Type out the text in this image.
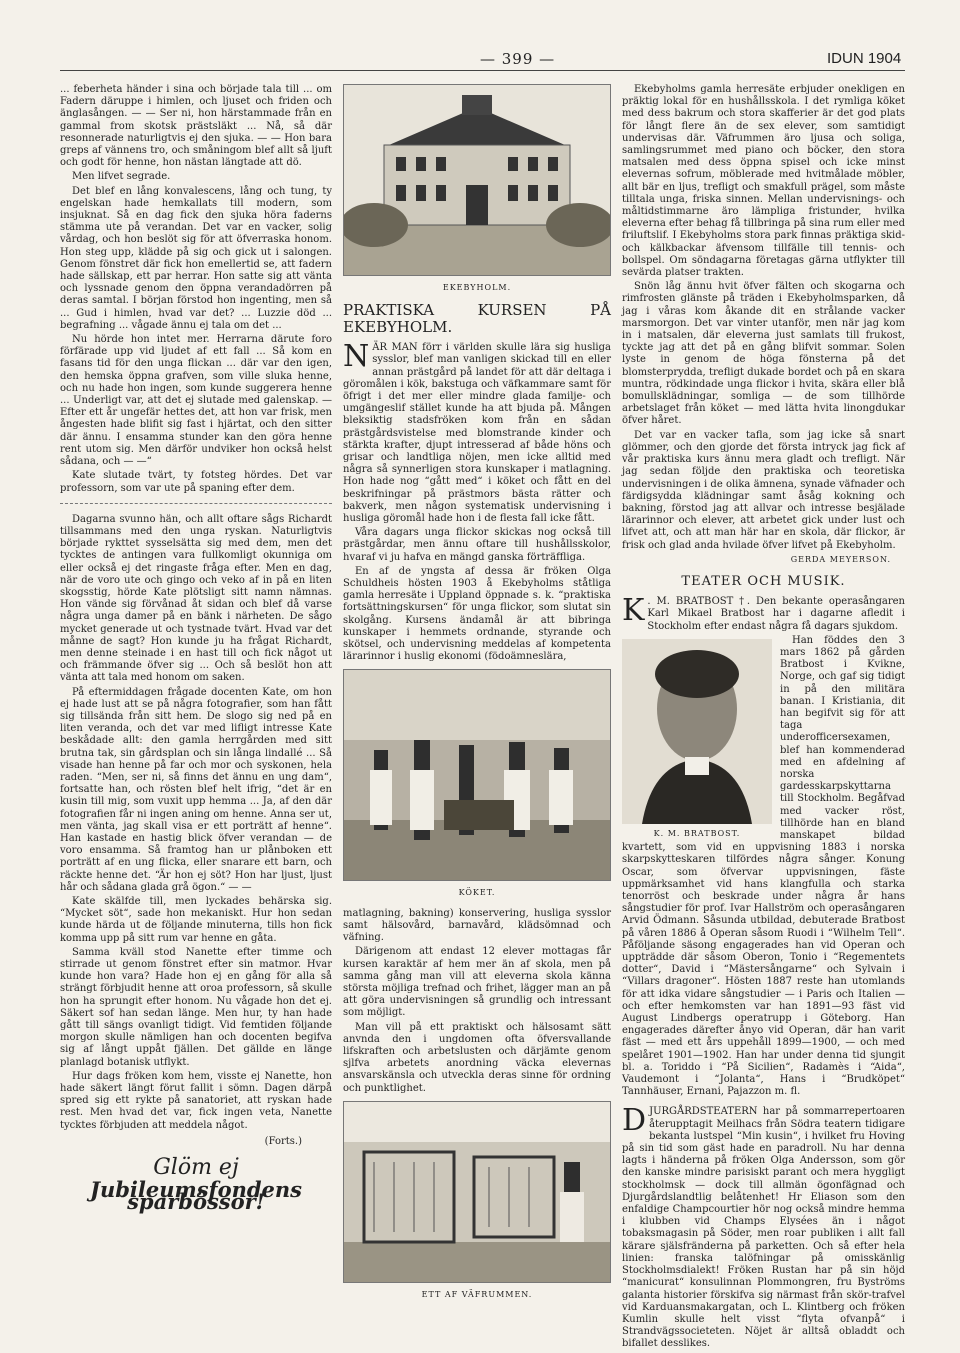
— 399 —	IDUN 1904

... feberheta händer i sina och började tala till ... om Fadern däruppe i himlen, och ljuset och friden och änglasången. — — Ser ni, hon härstammade från en gammal from skotsk prästsläkt ... Nå, så där resonnerade naturligtvis ej den sjuka. — — Hon bara greps af vännens tro, och småningom blef allt så ljuft och godt för henne, hon nästan längtade att dö.

Men lifvet segrade.

Det blef en lång konvalescens, lång och tung, ty engelskan hade hemkallats till modern, som insjuknat. Så en dag fick den sjuka höra faderns stämma ute på verandan. Det var en vacker, solig vårdag, och hon beslöt sig för att öfverraska honom. Hon steg upp, klädde på sig och gick ut i salongen. Genom fönstret där fick hon emellertid se, att fadern hade sällskap, ett par herrar. Hon satte sig att vänta och lyssnade genom den öppna verandadörren på deras samtal. I början förstod hon ingenting, men så ... Gud i himlen, hvad var det? ... Luzzie död ... begrafning ... vågade ännu ej tala om det ...

Nu hörde hon intet mer. Herrarna därute foro förfärade upp vid ljudet af ett fall ... Så kom en fasans tid för den unga flickan ... där var den igen, den hemska öppna grafven, som ville sluka henne, och nu hade hon ingen, som kunde suggerera henne ... Underligt var, att det ej slutade med galenskap. — Efter ett år ungefär hettes det, att hon var frisk, men ångesten hade blifit sig fast i hjärtat, och den sitter där ännu. I ensamma stunder kan den göra henne rent utom sig. Men därför undviker hon också helst sådana, och — —“

Kate slutade tvärt, ty fotsteg hördes. Det var professorn, som var ute på spaning efter dem.

Dagarna svunno hän, och allt oftare sågs Richardt tillsammans med den unga ryskan. Naturligtvis började rykttet sysselsätta sig med dem, men det tycktes de antingen vara fullkomligt okunniga om eller också ej det ringaste fråga efter. Men en dag, när de voro ute och gingo och veko af in på en liten skogsstig, hörde Kate plötsligt sitt namn nämnas. Hon vände sig förvånad åt sidan och blef då varse några unga damer på en bänk i närheten. De sågo mycket generade ut och tystnade tvärt. Hvad var det månne de sagt? Hon kunde ju ha frågat Richardt, men denne steinade i en hast till och fick något ut och främmande öfver sig ... Och så beslöt hon att vänta att tala med honom om saken.

På eftermiddagen frågade docenten Kate, om hon ej hade lust att se på några fotografier, som han fått sig tillsända från sitt hem. De slogo sig ned på en liten veranda, och det var med lifligt intresse Kate beskådade allt: den gamla herrgården med sitt brutna tak, sin gårdsplan och sin långa lindallé ... Så visade han henne på far och mor och syskonen, hela raden. “Men, ser ni, så finns det ännu en ung dam“, fortsatte han, och rösten blef helt ifrig, “det är en kusin till mig, som vuxit upp hemma ... Ja, af den där fotografien får ni ingen aning om henne. Anna ser ut, men vänta, jag skall visa er ett porträtt af henne“. Han kastade en hastig blick öfver verandan — de voro ensamma. Så framtog han ur plånboken ett porträtt af en ung flicka, eller snarare ett barn, och räckte henne det. “Är hon ej söt? Hon har ljust, ljust hår och sådana glada grå ögon.“ — —

Kate skälfde till, men lyckades behärska sig. “Mycket söt“, sade hon mekaniskt. Hur hon sedan kunde härda ut de följande minuterna, tills hon fick komma upp på sitt rum var henne en gåta.

Samma kväll stod Nanette efter timme och stirrade ut genom fönstret efter sin matmor. Hvar kunde hon vara? Hade hon ej en gång för alla så strängt förbjudit henne att oroa professorn, så skulle hon ha sprungit efter honom. Nu vågade hon det ej. Säkert sof han sedan länge. Men hur, ty han hade gått till sängs ovanligt tidigt. Vid femtiden följande morgon skulle nämligen han och docenten begifva sig af långt uppåt fjällen. Det gällde en länge planlagd botanisk utflykt.

Hur dags fröken kom hem, visste ej Nanette, hon hade säkert längt förut fallit i sömn. Dagen därpå spred sig ett rykte på sanatoriet, att ryskan hade rest. Men hvad det var, fick ingen veta, Nanette tycktes förbjuden att meddela något.

(Forts.)
Glöm ej
Jubileumsfondens sparbössor!
EKEBYHOLM.
PRAKTISKA KURSEN PÅ EKEBYHOLM.

NÄR MAN förr i världen skulle lära sig husliga sysslor, blef man vanligen skickad till en eller annan prästgård på landet för att där deltaga i göromålen i kök, bakstuga och väfkammare samt för öfrigt i det mer eller mindre glada familje- och umgängeslif stället kunde ha att bjuda på. Mången bleksiktig stadsfröken kom från en sådan prästgårdsvistelse med blomstrande kinder och stärkta krafter, djupt intresserad af både höns och grisar och landtliga nöjen, men icke alltid med några så synnerligen stora kunskaper i matlagning. Hon hade nog “gått med“ i köket och fått en del beskrifningar på prästmors bästa rätter och bakverk, men någon systematisk undervisning i husliga göromål hade hon i de flesta fall icke fått.

Våra dagars unga flickor skickas nog också till prästgårdar, men ännu oftare till hushållsskolor, hvaraf vi ju hafva en mängd ganska förträffliga.

En af de yngsta af dessa är fröken Olga Schuldheis hösten 1903 å Ekebyholms ståtliga gamla herresäte i Uppland öppnade s. k. “praktiska fortsättningskursen“ för unga flickor, som slutat sin skolgång. Kursens ändamål är att bibringa kunskaper i hemmets ordnande, styrande och skötsel, och undervisning meddelas af kompetenta lärarinnor i huslig ekonomi (födoämneslära,

KÖKET.

matlagning, bakning) konservering, husliga sysslor samt hälsovård, barnavård, klädsömnad och väfning.

Därigenom att endast 12 elever mottagas får kursen karaktär af hem mer än af skola, men på samma gång man vill att eleverna skola känna största möjliga trefnad och frihet, lägger man an på att göra undervisningen så grundlig och intressant som möjligt.

Man vill på ett praktiskt och hälsosamt sätt anvnda den i ungdomen ofta öfversvallande lifskraften och arbetslusten och därjämte genom sjlfva arbetets anordning väcka elevernas ansvarskänsla och utveckla deras sinne för ordning och punktlighet.

ETT AF VÄFRUMMEN.

Ekebyholms gamla herresäte erbjuder onekligen en präktig lokal för en hushållsskola. I det rymliga köket med dess bakrum och stora skafferier är det god plats för långt flere än de sex elever, som samtidigt undervisas där. Väfrummen äro ljusa och soliga, samlingsrummet med piano och böcker, den stora matsalen med dess öppna spisel och icke minst elevernas sofrum, möblerade med hvitmålade möbler, allt bär en ljus, trefligt och smakfull prägel, som måste tilltala unga, friska sinnen. Mellan undervisnings- och måltidstimmarne äro lämpliga fristunder, hvilka eleverna efter behag få tillbringa på sina rum eller med friluftslif. I Ekebyholms stora park finnas präktiga skid- och kälkbackar äfvensom tillfälle till tennis- och bollspel. Om söndagarna företagas gärna utflykter till sevärda platser trakten.

Snön låg ännu hvit öfver fälten och skogarna och rimfrosten glänste på träden i Ekebyholmsparken, då jag i våras kom åkande dit en strålande vacker marsmorgon. Det var vinter utanför, men när jag kom in i matsalen, där eleverna just samlats till frukost, tyckte jag att det på en gång blifvit sommar. Solen lyste in genom de höga fönsterna på det blomsterprydda, trefligt dukade bordet och på en skara muntra, rödkindade unga flickor i hvita, skära eller blå bomullsklädningar, somliga — de som tillhörde arbetslaget från köket — med lätta hvita linongdukar öfver håret.

Det var en vacker tafla, som jag icke så snart glömmer, och den gjorde det första intryck jag fick af vår praktiska kurs ännu mera gladt och trefligt. När jag sedan följde den praktiska och teoretiska undervisningen i de olika ämnena, synade väfnader och färdigsydda klädningar samt åsåg kokning och bakning, förstod jag att allvar och intresse besjälade lärarinnor och elever, att arbetet gick under lust och lifvet att, och att man här har en skola, där flickor, är frisk och glad anda hvilade öfver lifvet på Ekebyholm.

GERDA MEYERSON.
TEATER OCH MUSIK.

K . M. BRATBOST †. Den bekante operasångaren Karl Mikael Bratbost har i dagarne afledit i Stockholm efter endast några få dagars sjukdom.

K. M. BRATBOST.

Han föddes den 3 mars 1862 på gården Bratbost i Kvikne, Norge, och gaf sig tidigt in på den militära banan. I Kristiania, dit han begifvit sig för att taga underofficersexamen, blef han kommenderad med en afdelning af norska gardesskarpskyttarna till Stockholm. Begåfvad med vacker röst, tillhörde han en bland manskapet bildad kvartett, som vid en uppvisning 1883 i norska skarpskytteskaren tilfördes några sånger. Konung Oscar, som öfvervar uppvisningen, fäste uppmärksamhet vid hans klangfulla och starka tenorröst och beskrade under några år hans sångstudier för prof. Ivar Hallström och operasångaren Arvid Ödmann. Såsunda utbildad, debuterade Bratbost på våren 1886 å Operan såsom Ruodi i “Wilhelm Tell“. Påföljande säsong engagerades han vid Operan och uppträdde där såsom Oberon, Tonio i “Regementets dotter“, David i “Mästersångarne“ och Sylvain i “Villars dragoner“. Hösten 1887 reste han utomlands för att idka vidare sångstudier — i Paris och Italien — och efter hemkomsten var han 1891—93 fäst vid August Lindbergs operatrupp i Göteborg. Han engagerades därefter ånyo vid Operan, där han varit fäst — med ett års uppehåll 1899—1900, — och med spelåret 1901—1902. Han har under denna tid sjungit bl. a. Toriddo i “På Sicilien“, Radamès i “Aida“, Vaudemont i “Jolanta“, Hans i “Brudköpet“ Tannhäuser, Ernani, Pajazzon m. fl.

DJURGÅRDSTEATERN har på sommarrepertoaren återupptagit Meilhacs från Södra teatern tidigare bekanta lustspel “Min kusin“, i hvilket fru Hoving på sin tid som gäst hade en paradroll. Nu har denna lagts i händerna på fröken Olga Andersson, som gör den kanske mindre parisiskt parant och mera hyggligt stockholmsk — dock till allmän ögonfägnad och Djurgårdslandtlig belåtenhet! Hr Eliason som den enfaldige Champcourtier hör nog också mindre hemma i klubben vid Champs Elysées än i något tobaksmagasin på Söder, men roar publiken i allt fall kärare själsfränderna på parketten. Och så efter hela linien: franska talöfningar på omisskänlig Stockholmsdialekt! Fröken Rustan har på sin höjd “manicurat“ konsulinnan Plommongren, fru Byströms galanta historier förskifva sig närmast från skör-trafvel vid Karduansmakargatan, och L. Klintberg och fröken Kumlin skulle helt visst “flyta ofvanpå“ i Strandvägssocieteten. Nöjet är alltså obladdt och bifallet desslikes.
